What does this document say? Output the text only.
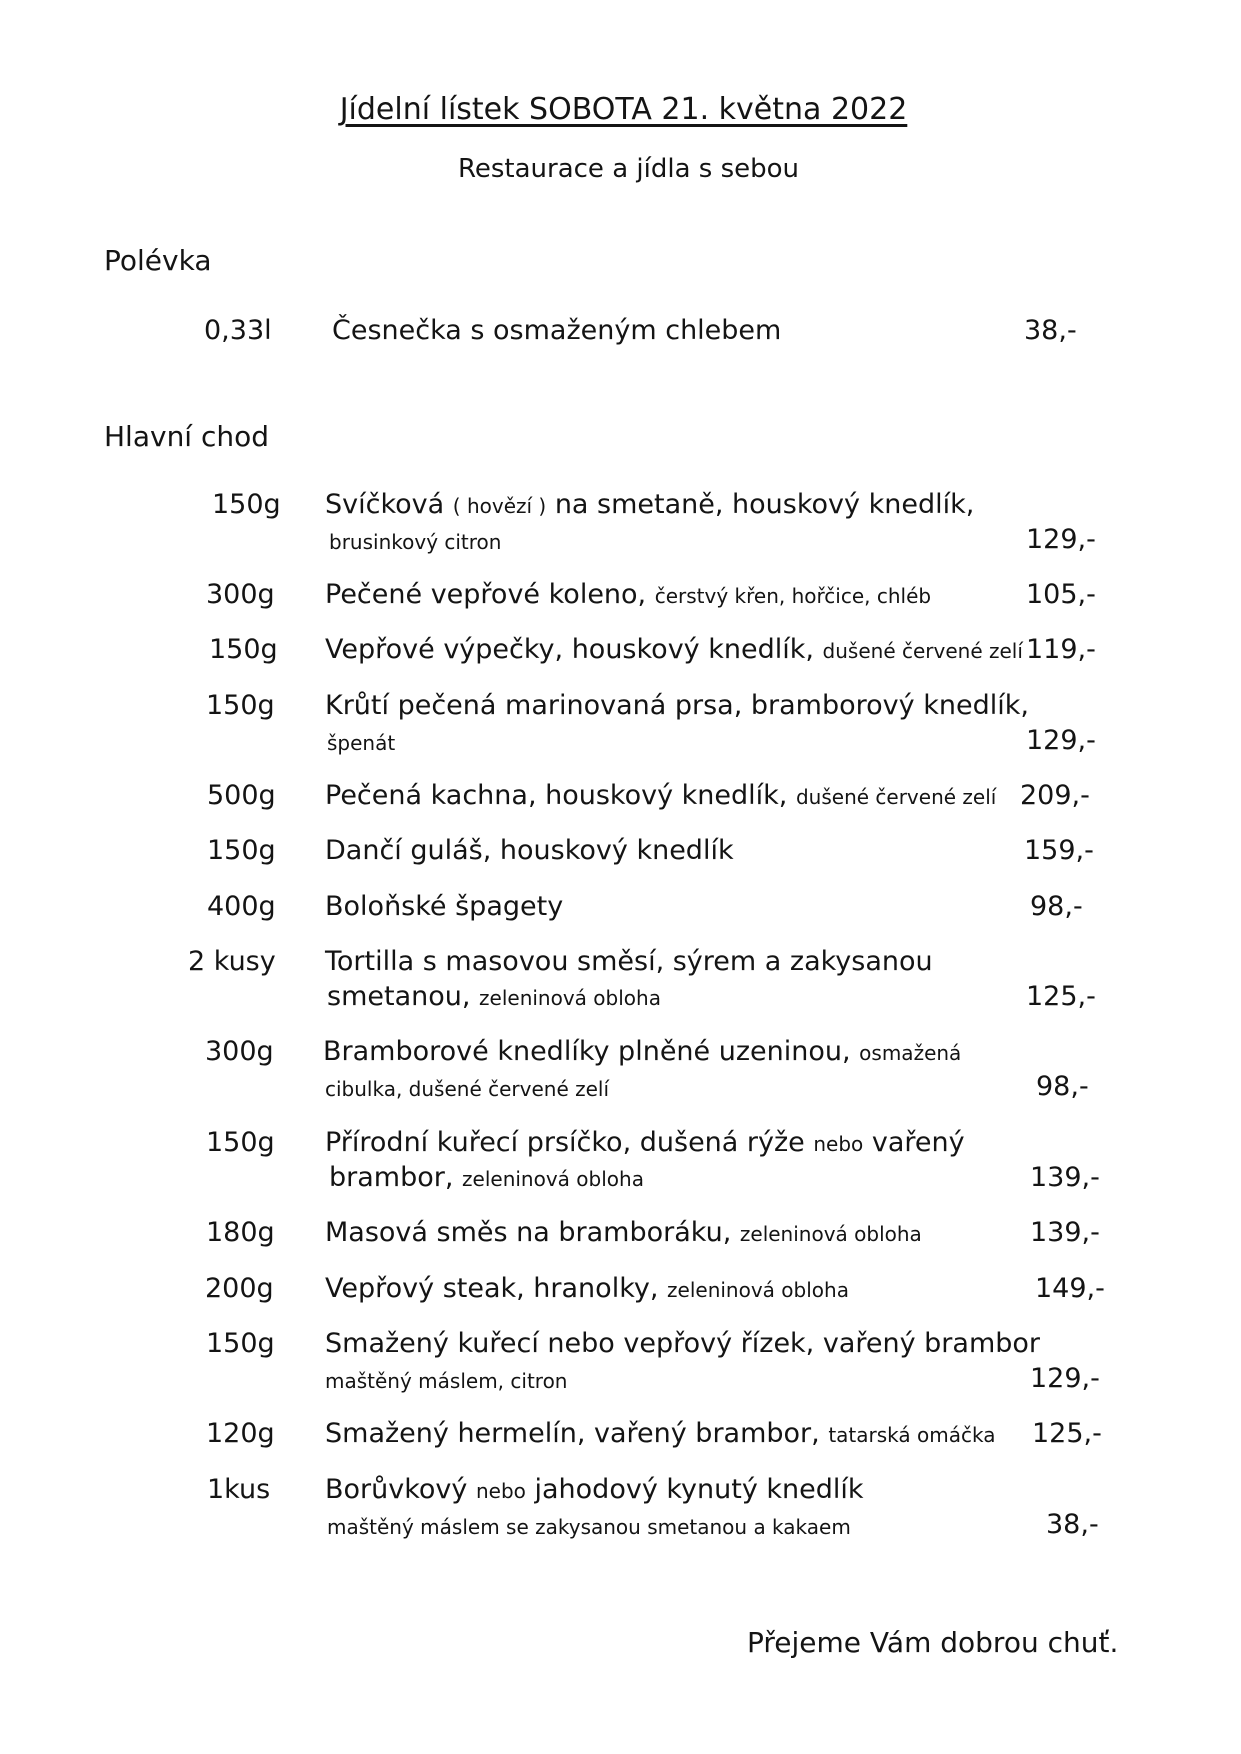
Jídelní lístek SOBOTA 21. května 2022
Restaurace a jídla s sebou
Polévka
0,33l Česnečka s osmaženým chlebem	38,-
Hlavní chod
150g Svíčková ( hovězí ) na smetaně, houskový knedlík,
brusinkový citron	129,-
300g Pečené vepřové koleno, čerstvý křen, hořčice, chléb	105,-
150g Vepřové výpečky, houskový knedlík, dušené červené zelí 119,-
150g Krůtí pečená marinovaná prsa, bramborový knedlík,
špenát	129,-
500g Pečená kachna, houskový knedlík, dušené červené zelí 209,-
150g Dančí guláš, houskový knedlík	159,-
400g Boloňské špagety	98,-
2 kusy Tortilla s masovou směsí, sýrem a zakysanou
smetanou, zeleninová obloha	125,-
300g Bramborové knedlíky plněné uzeninou, osmažená
cibulka, dušené červené zelí	98,-
150g Přírodní kuřecí prsíčko, dušená rýže nebo vařený
brambor, zeleninová obloha	139,-
180g Masová směs na bramboráku, zeleninová obloha	139,-
200g Vepřový steak, hranolky, zeleninová obloha	149,-
150g Smažený kuřecí nebo vepřový řízek, vařený brambor
maštěný máslem, citron	129,-
120g Smažený hermelín, vařený brambor, tatarská omáčka 125,-
1kus Borůvkový nebo jahodový kynutý knedlík
maštěný máslem se zakysanou smetanou a kakaem	38,-
Přejeme Vám dobrou chuť.
